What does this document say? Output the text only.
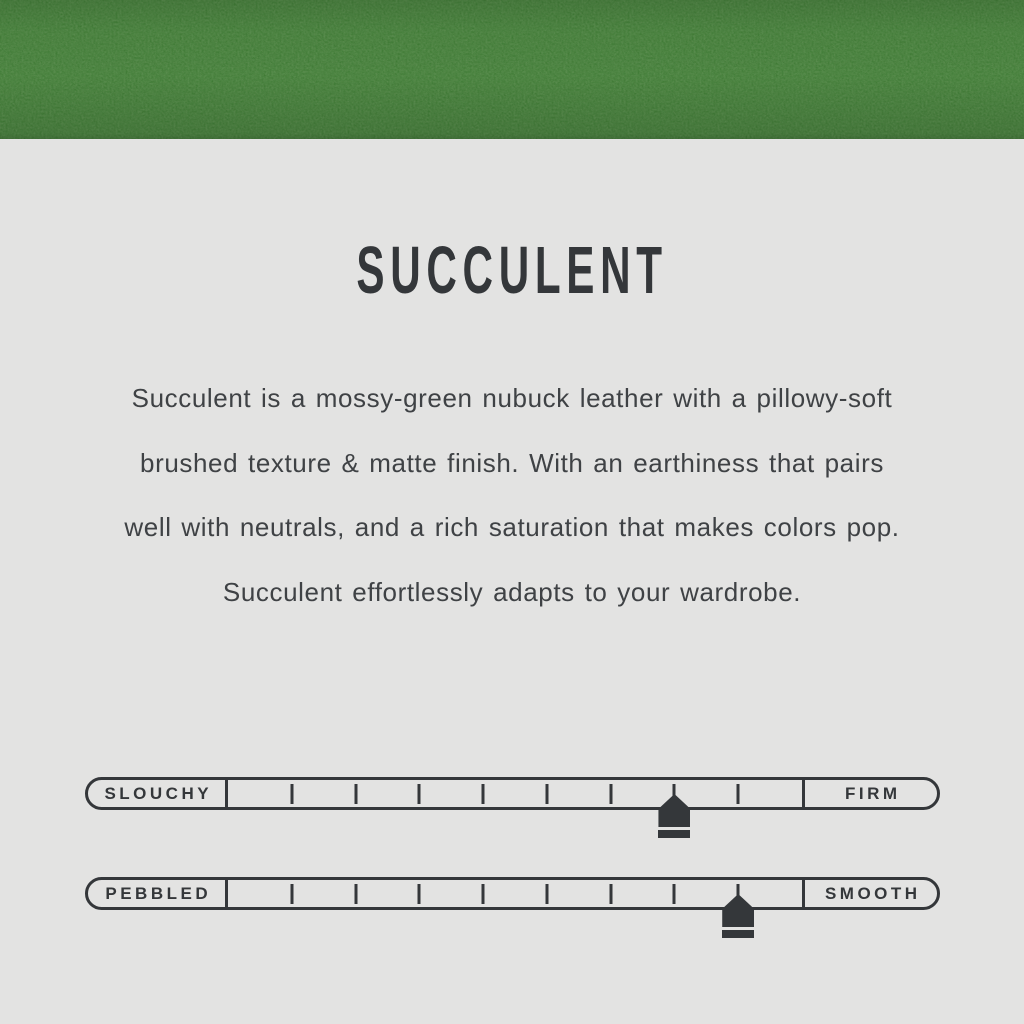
SUCCULENT
Succulent is a mossy-green nubuck leather with a pillowy-soft
brushed texture & matte finish. With an earthiness that pairs
well with neutrals, and a rich saturation that makes colors pop.
Succulent effortlessly adapts to your wardrobe.
SLOUCHY	FIRM
PEBBLED	SMOOTH
